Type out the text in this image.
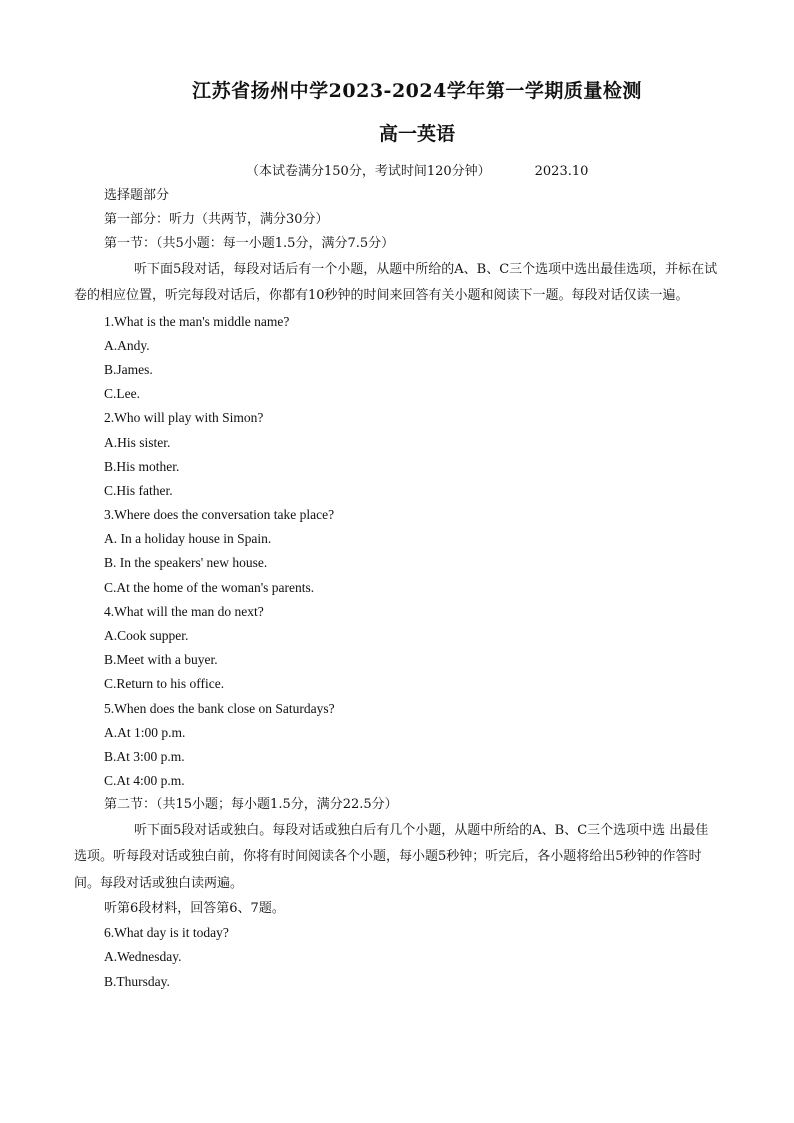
江苏省扬州中学2023-2024学年第一学期质量检测
高一英语
（本试卷满分150分，考试时间120分钟）	2023.10
选择题部分
第一部分：听力（共两节，满分30分）
第一节：（共5小题：每一小题1.5分，满分7.5分）

听下面5段对话，每段对话后有一个小题，从题中所给的A、B、C三个选项中选出最佳选项，并标在试卷的相应位置，听完每段对话后，你都有10秒钟的时间来回答有关小题和阅读下一题。每段对话仅读一遍。

1.What is the man's middle name?
A.Andy.
B.James.
C.Lee.
2.Who will play with Simon?
A.His sister.
B.His mother.
C.His father.
3.Where does the conversation take place?
A. In a holiday house in Spain.
B. In the speakers' new house.
C.At the home of the woman's parents.
4.What will the man do next?
A.Cook supper.
B.Meet with a buyer.
C.Return to his office.
5.When does the bank close on Saturdays?
A.At 1:00 p.m.
B.At 3:00 p.m.
C.At 4:00 p.m.
第二节：（共15小题；每小题1.5分，满分22.5分）

听下面5段对话或独白。每段对话或独白后有几个小题，从题中所给的A、B、C三个选项中选 出最佳选项。听每段对话或独白前，你将有时间阅读各个小题，每小题5秒钟；听完后，各小题将给出5秒钟的作答时间。每段对话或独白读两遍。

听第6段材料，回答第6、7题。
6.What day is it today?
A.Wednesday.
B.Thursday.
